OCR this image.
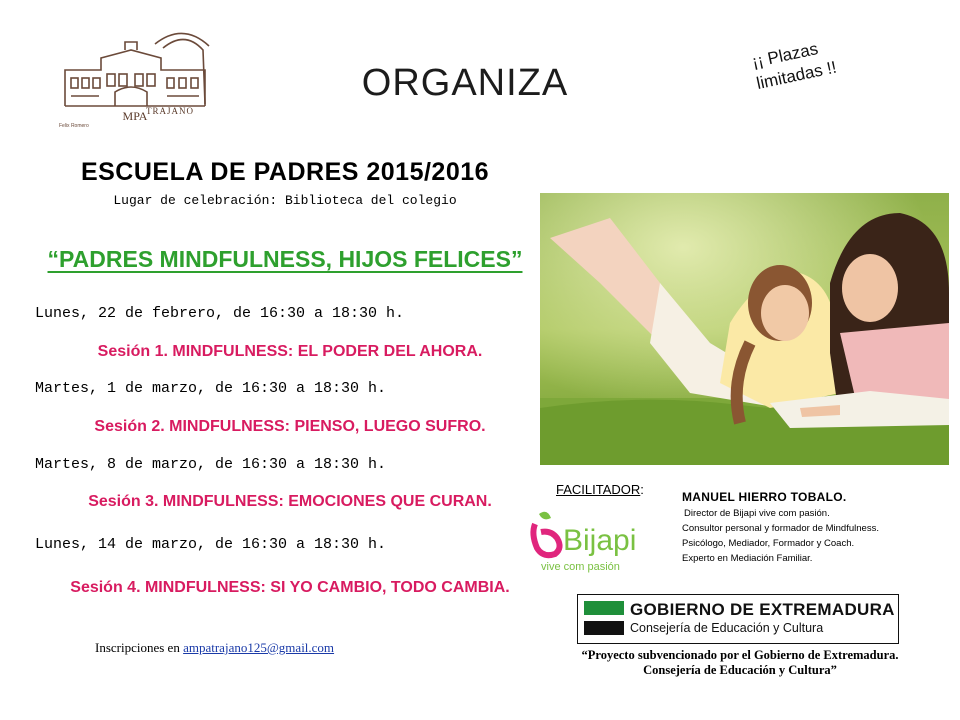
MPA
Felix Romero
TRAJANO
ORGANIZA
¡¡ Plazas limitadas !!
ESCUELA DE PADRES 2015/2016
Lugar de celebración: Biblioteca del colegio
“PADRES MINDFULNESS, HIJOS FELICES”
Lunes, 22 de febrero, de 16:30 a 18:30 h.
Sesión 1. MINDFULNESS: EL PODER DEL AHORA.
Martes, 1 de marzo, de 16:30 a 18:30 h.
Sesión 2. MINDFULNESS: PIENSO, LUEGO SUFRO.
Martes, 8 de marzo, de 16:30 a 18:30 h.
Sesión 3. MINDFULNESS: EMOCIONES QUE CURAN.
Lunes, 14 de marzo, de 16:30 a 18:30 h.
Sesión 4. MINDFULNESS: SI YO CAMBIO, TODO CAMBIA.
FACILITADOR:
Bijapi
vive com pasión
MANUEL HIERRO TOBALO.
Director de Bijapi vive com pasión.
Consultor personal y formador de Mindfulness.
Psicólogo, Mediador, Formador y Coach.
Experto en Mediación Familiar.
GOBIERNO DE EXTREMADURA
Consejería de Educación y Cultura
“Proyecto subvencionado por el Gobierno de Extremadura. Consejería de Educación y Cultura”
Inscripciones en ampatrajano125@gmail.com
